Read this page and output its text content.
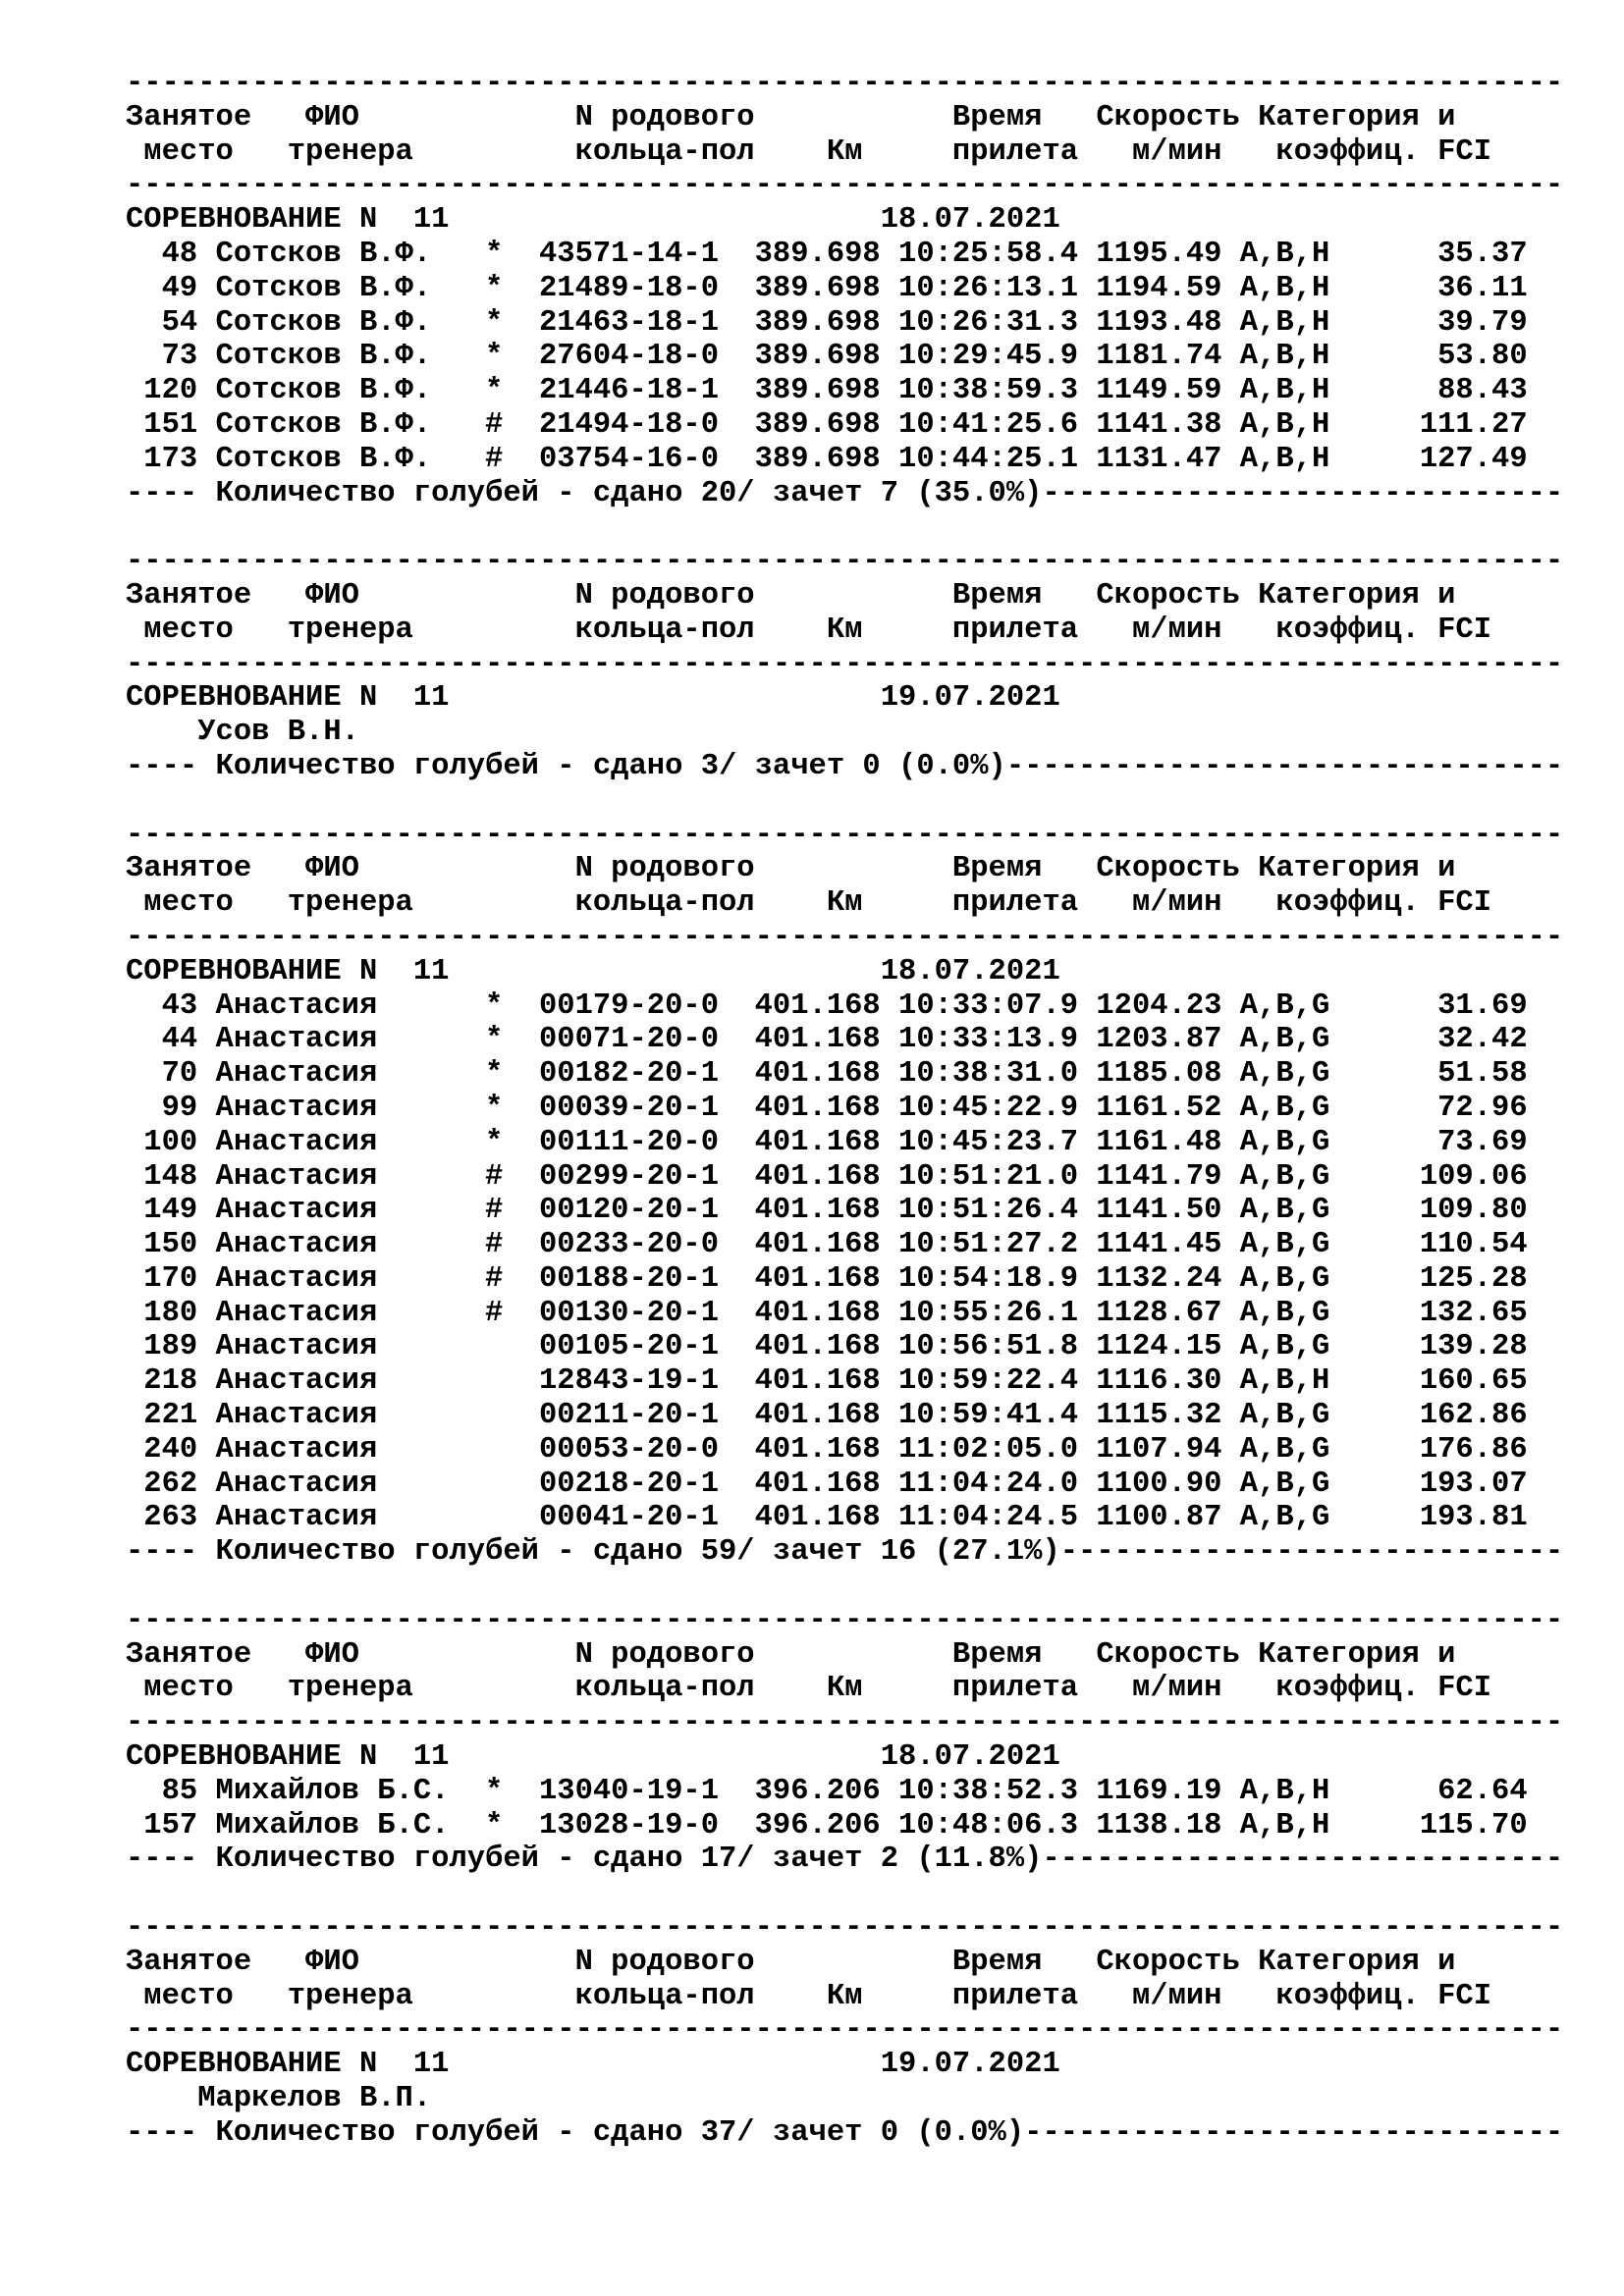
--------------------------------------------------------------------------------
Занятое   ФИО            N родового           Время   Скорость Категория и
место   тренера         кольца-пол    Км     прилета   м/мин   коэффиц. FCI
--------------------------------------------------------------------------------
СОРЕВНОВАНИЕ N  11                        18.07.2021
48 Сотсков В.Ф.   *  43571-14-1  389.698 10:25:58.4 1195.49 A,B,H      35.37
49 Сотсков В.Ф.   *  21489-18-0  389.698 10:26:13.1 1194.59 A,B,H      36.11
54 Сотсков В.Ф.   *  21463-18-1  389.698 10:26:31.3 1193.48 A,B,H      39.79
73 Сотсков В.Ф.   *  27604-18-0  389.698 10:29:45.9 1181.74 A,B,H      53.80
120 Сотсков В.Ф.   *  21446-18-1  389.698 10:38:59.3 1149.59 A,B,H      88.43
151 Сотсков В.Ф.   #  21494-18-0  389.698 10:41:25.6 1141.38 A,B,H     111.27
173 Сотсков В.Ф.   #  03754-16-0  389.698 10:44:25.1 1131.47 A,B,H     127.49
---- Количество голубей - сдано 20/ зачет 7 (35.0%)-----------------------------
--------------------------------------------------------------------------------
Занятое   ФИО            N родового           Время   Скорость Категория и
место   тренера         кольца-пол    Км     прилета   м/мин   коэффиц. FCI
--------------------------------------------------------------------------------
СОРЕВНОВАНИЕ N  11                        19.07.2021
Усов В.Н.
---- Количество голубей - сдано 3/ зачет 0 (0.0%)-------------------------------
--------------------------------------------------------------------------------
Занятое   ФИО            N родового           Время   Скорость Категория и
место   тренера         кольца-пол    Км     прилета   м/мин   коэффиц. FCI
--------------------------------------------------------------------------------
СОРЕВНОВАНИЕ N  11                        18.07.2021
43 Анастасия      *  00179-20-0  401.168 10:33:07.9 1204.23 A,B,G      31.69
44 Анастасия      *  00071-20-0  401.168 10:33:13.9 1203.87 A,B,G      32.42
70 Анастасия      *  00182-20-1  401.168 10:38:31.0 1185.08 A,B,G      51.58
99 Анастасия      *  00039-20-1  401.168 10:45:22.9 1161.52 A,B,G      72.96
100 Анастасия      *  00111-20-0  401.168 10:45:23.7 1161.48 A,B,G      73.69
148 Анастасия      #  00299-20-1  401.168 10:51:21.0 1141.79 A,B,G     109.06
149 Анастасия      #  00120-20-1  401.168 10:51:26.4 1141.50 A,B,G     109.80
150 Анастасия      #  00233-20-0  401.168 10:51:27.2 1141.45 A,B,G     110.54
170 Анастасия      #  00188-20-1  401.168 10:54:18.9 1132.24 A,B,G     125.28
180 Анастасия      #  00130-20-1  401.168 10:55:26.1 1128.67 A,B,G     132.65
189 Анастасия         00105-20-1  401.168 10:56:51.8 1124.15 A,B,G     139.28
218 Анастасия         12843-19-1  401.168 10:59:22.4 1116.30 A,B,H     160.65
221 Анастасия         00211-20-1  401.168 10:59:41.4 1115.32 A,B,G     162.86
240 Анастасия         00053-20-0  401.168 11:02:05.0 1107.94 A,B,G     176.86
262 Анастасия         00218-20-1  401.168 11:04:24.0 1100.90 A,B,G     193.07
263 Анастасия         00041-20-1  401.168 11:04:24.5 1100.87 A,B,G     193.81
---- Количество голубей - сдано 59/ зачет 16 (27.1%)----------------------------
--------------------------------------------------------------------------------
Занятое   ФИО            N родового           Время   Скорость Категория и
место   тренера         кольца-пол    Км     прилета   м/мин   коэффиц. FCI
--------------------------------------------------------------------------------
СОРЕВНОВАНИЕ N  11                        18.07.2021
85 Михайлов Б.С.  *  13040-19-1  396.206 10:38:52.3 1169.19 A,B,H      62.64
157 Михайлов Б.С.  *  13028-19-0  396.206 10:48:06.3 1138.18 A,B,H     115.70
---- Количество голубей - сдано 17/ зачет 2 (11.8%)-----------------------------
--------------------------------------------------------------------------------
Занятое   ФИО            N родового           Время   Скорость Категория и
место   тренера         кольца-пол    Км     прилета   м/мин   коэффиц. FCI
--------------------------------------------------------------------------------
СОРЕВНОВАНИЕ N  11                        19.07.2021
Маркелов В.П.
---- Количество голубей - сдано 37/ зачет 0 (0.0%)------------------------------
